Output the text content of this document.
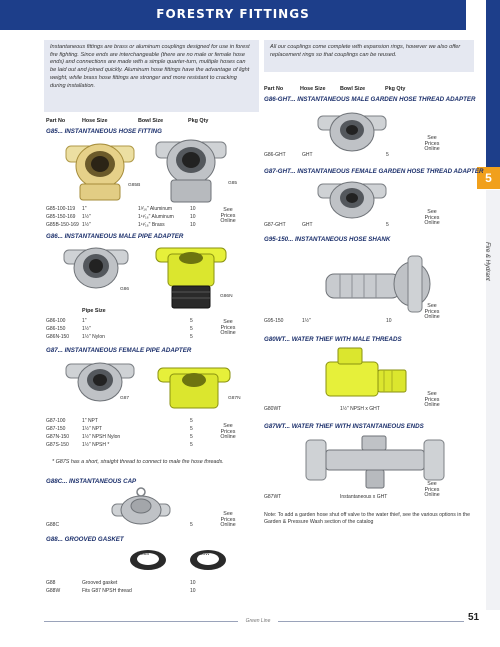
FORESTRY FITTINGS
5
Fire & Hydrant
Instantaneous fittings are brass or aluminum couplings designed for use in forest fire fighting. Since ends are interchangeable (there are no male or female hose ends) and connections are made with a simple quarter-turn, multiple hoses can be laid out and joined quickly. Aluminum hose fittings have the advantage of light weight, while brass hose fittings are stronger and more resistant to cracking during installation.
All our couplings come complete with expansion rings, however we also offer replacement rings so that couplings can be reused.
Part No	Hose Size	Bowl Size	Pkg Qty
G85... INSTANTANEOUS HOSE FITTING
G85B	G85
G85-100-119 1"	1³⁄₁₆" Aluminum	10
G85-150-169 1½"	1¹¹⁄₁₆" Aluminum	10
G85B-150-169 1½"	1¹¹⁄₁₆" Brass	10
See
Prices
Online
G86... INSTANTANEOUS MALE PIPE ADAPTER
G86
G86N
Pipe Size
G86-100	1"	5
G86-150	1½"	5
G86N-150	1½" Nylon	5
See
Prices
Online
G87... INSTANTANEOUS FEMALE PIPE ADAPTER
G87	G87N
G87-100	1" NPT	5
G87-150	1½" NPT	5
G87N-150	1½" NPSH Nylon	5
G87S-150	1½" NPSH *	5
See
Prices
Online
* G87S has a short, straight thread to connect to male fire hose threads.
G88C... INSTANTANEOUS CAP
G88C	5
See
Prices
Online
G88... GROOVED GASKET
G88	G88W
G88	Grooved gasket	10
G88W	Fits G87 NPSH thread	10
Part No	Hose Size	Bowl Size	Pkg Qty
G86-GHT... INSTANTANEOUS MALE GARDEN HOSE THREAD ADAPTER
G86-GHT	GHT	5
See
Prices
Online
G87-GHT... INSTANTANEOUS FEMALE GARDEN HOSE THREAD ADAPTER
G87-GHT	GHT	5
See
Prices
Online
G95-150... INSTANTANEOUS HOSE SHANK
G95-150	1½"	10
See
Prices
Online
G80WT... WATER THIEF WITH MALE THREADS
G80WT	1½" NPSH x GHT
See
Prices
Online
G87WT... WATER THIEF WITH INSTANTANEOUS ENDS
G87WT	Instantaneous x GHT
See
Prices
Online
Note: To add a garden hose shut off valve to the water thief, see the various options in the Garden & Pressure Wash section of the catalog
Green Line	51
